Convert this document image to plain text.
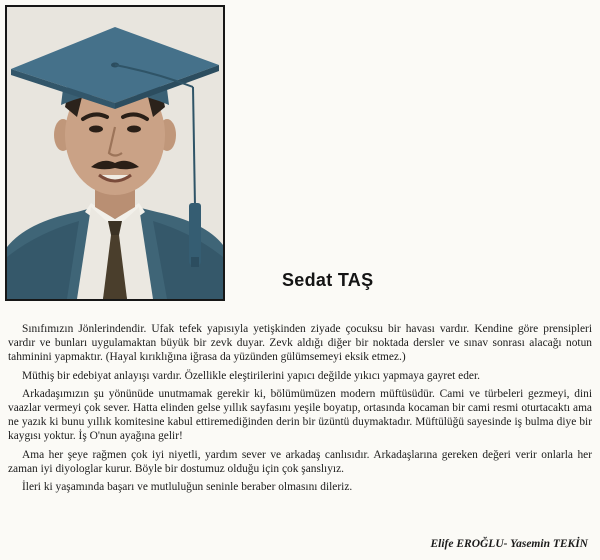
Sedat TAŞ

Sınıfımızın Jönlerindendir. Ufak tefek yapısıyla yetişkinden ziyade çocuksu bir havası vardır. Kendine göre prensipleri vardır ve bunları uygulamaktan büyük bir zevk duyar. Zevk aldığı diğer bir noktada dersler ve sınav sonrası alacağı notun tahminini yapmaktır. (Hayal kırıklığına iğrasa da yüzünden gülümsemeyi eksik etmez.)

Müthiş bir edebiyat anlayışı vardır. Özellikle eleştirilerini yapıcı değilde yıkıcı yapmaya gayret eder.

Arkadaşımızın şu yönünüde unutmamak gerekir ki, bölümümüzen modern müftüsüdür. Cami ve türbeleri gezmeyi, dini vaazlar vermeyi çok sever. Hatta elinden gelse yıllık sayfasını yeşile boyatıp, ortasında kocaman bir cami resmi oturtacaktı ama ne yazık ki bunu yıllık komitesine kabul ettiremediğinden derin bir üzüntü duymaktadır. Müftülüğü sayesinde iş bulma diye bir kaygısı yoktur. İş O'nun ayağına gelir!

Ama her şeye rağmen çok iyi niyetli, yardım sever ve arkadaş canlısıdır. Arkadaşlarına gereken değeri verir onlarla her zaman iyi diyologlar kurur. Böyle bir dostumuz olduğu için çok şanslıyız.

İleri ki yaşamında başarı ve mutluluğun seninle beraber olmasını dileriz.

Elife EROĞLU- Yasemin TEKİN
